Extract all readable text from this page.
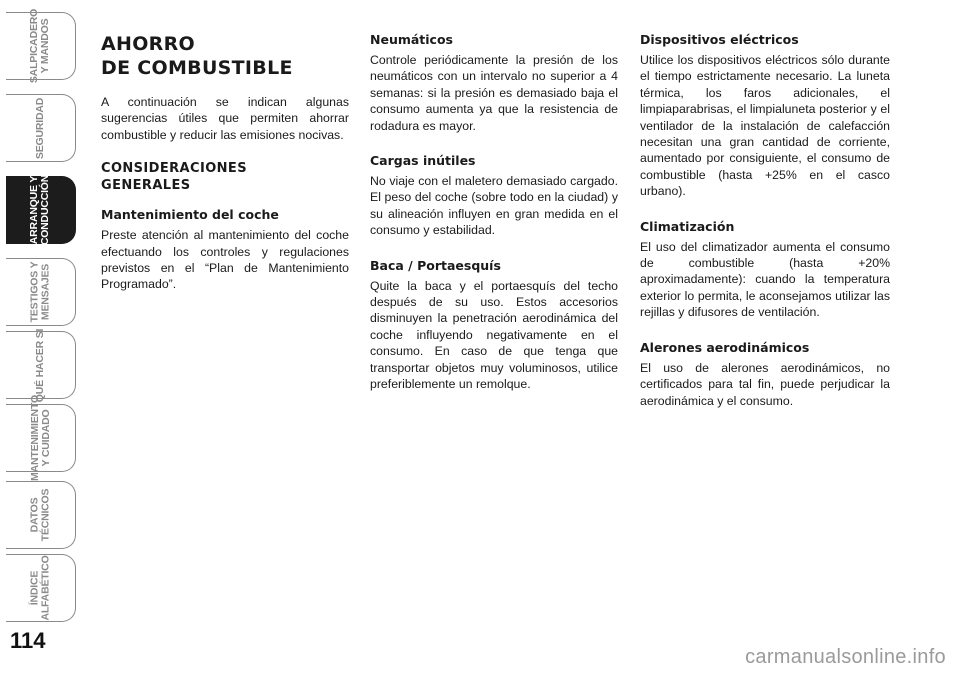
SALPICADERO
Y MANDOS
SEGURIDAD
ARRANQUE Y
CONDUCCIÓN
TESTIGOS Y
MENSAJES
QUÉ HACER SI
MANTENIMIENTO
Y CUIDADO
DATOS
TÉCNICOS
ÍNDICE
ALFABÉTICO
114
AHORRO
DE COMBUSTIBLE

A continuación se indican algunas sugerencias útiles que permiten ahorrar combustible y reducir las emisiones nocivas.

CONSIDERACIONES
GENERALES
Mantenimiento del coche

Preste atención al mantenimiento del coche efectuando los controles y regulaciones previstos en el “Plan de Mantenimiento Programado”.

Neumáticos

Controle periódicamente la presión de los neumáticos con un intervalo no superior a 4 semanas: si la presión es demasiado baja el consumo aumenta ya que la resistencia de rodadura es mayor.

Cargas inútiles

No viaje con el maletero demasiado cargado. El peso del coche (sobre todo en la ciudad) y su alineación influyen en gran medida en el consumo y estabilidad.

Baca / Portaesquís

Quite la baca y el portaesquís del techo después de su uso. Estos accesorios disminuyen la penetración aerodinámica del coche influyendo negativamente en el consumo. En caso de que tenga que transportar objetos muy voluminosos, utilice preferiblemente un remolque.

Dispositivos eléctricos

Utilice los dispositivos eléctricos sólo durante el tiempo estrictamente necesario. La luneta térmica, los faros adicionales, el limpiaparabrisas, el limpialuneta posterior y el ventilador de la instalación de calefacción necesitan una gran cantidad de corriente, aumentado por consiguiente, el consumo de combustible (hasta +25% en el casco urbano).

Climatización

El uso del climatizador aumenta el consumo de combustible (hasta +20% aproximadamente): cuando la temperatura exterior lo permita, le aconsejamos utilizar las rejillas y difusores de ventilación.

Alerones aerodinámicos

El uso de alerones aerodinámicos, no certificados para tal fin, puede perjudicar la aerodinámica y el consumo.

carmanualsonline.info
